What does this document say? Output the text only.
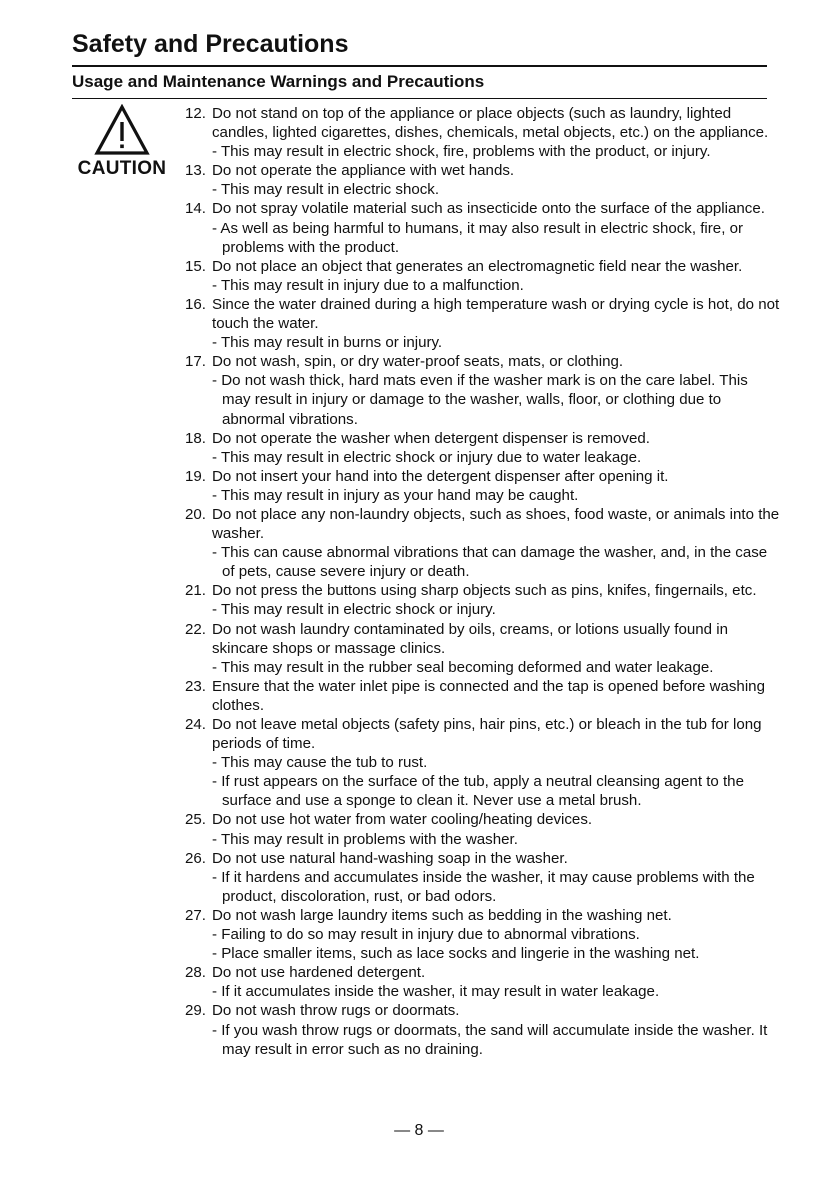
Safety and Precautions
Usage and Maintenance Warnings and Precautions
CAUTION
12. Do not stand on top of the appliance or place objects (such as laundry, lighted candles, lighted cigarettes, dishes, chemicals, metal objects, etc.) on the appliance.
- This may result in electric shock, fire, problems with the product, or injury.
13. Do not operate the appliance with wet hands.
- This may result in electric shock.
14. Do not spray volatile material such as insecticide onto the surface of the appliance.
- As well as being harmful to humans, it may also result in electric shock, fire, or problems with the product.
15. Do not place an object that generates an electromagnetic field near the washer.
- This may result in injury due to a malfunction.
16. Since the water drained during a high temperature wash or drying cycle is hot, do not touch the water.
- This may result in burns or injury.
17. Do not wash, spin, or dry water-proof seats, mats, or clothing.
- Do not wash thick, hard mats even if the washer mark is on the care label. This may result in injury or damage to the washer, walls, floor, or clothing due to abnormal vibrations.
18. Do not operate the washer when detergent dispenser is removed.
- This may result in electric shock or injury due to water leakage.
19. Do not insert your hand into the detergent dispenser after opening it.
- This may result in injury as your hand may be caught.
20. Do not place any non-laundry objects, such as shoes, food waste, or animals into the washer.
- This can cause abnormal vibrations that can damage the washer, and, in the case of pets, cause severe injury or death.
21. Do not press the buttons using sharp objects such as pins, knifes, fingernails, etc.
- This may result in electric shock or injury.
22. Do not wash laundry contaminated by oils, creams, or lotions usually found in skincare shops or massage clinics.
- This may result in the rubber seal becoming deformed and water leakage.
23. Ensure that the water inlet pipe is connected and the tap is opened before washing clothes.
24. Do not leave metal objects (safety pins, hair pins, etc.) or bleach in the tub for long periods of time.
- This may cause the tub to rust.
- If rust appears on the surface of the tub, apply a neutral cleansing agent to the surface and use a sponge to clean it. Never use a metal brush.
25. Do not use hot water from water cooling/heating devices.
- This may result in problems with the washer.
26. Do not use natural hand-washing soap in the washer.
- If it hardens and accumulates inside the washer, it may cause problems with the product, discoloration, rust, or bad odors.
27. Do not wash large laundry items such as bedding in the washing net.
- Failing to do so may result in injury due to abnormal vibrations.
- Place smaller items, such as lace socks and lingerie in the washing net.
28. Do not use hardened detergent.
- If it accumulates inside the washer, it may result in water leakage.
29. Do not wash throw rugs or doormats.
- If you wash throw rugs or doormats, the sand will accumulate inside the washer. It may result in error such as no draining.
— 8 —
